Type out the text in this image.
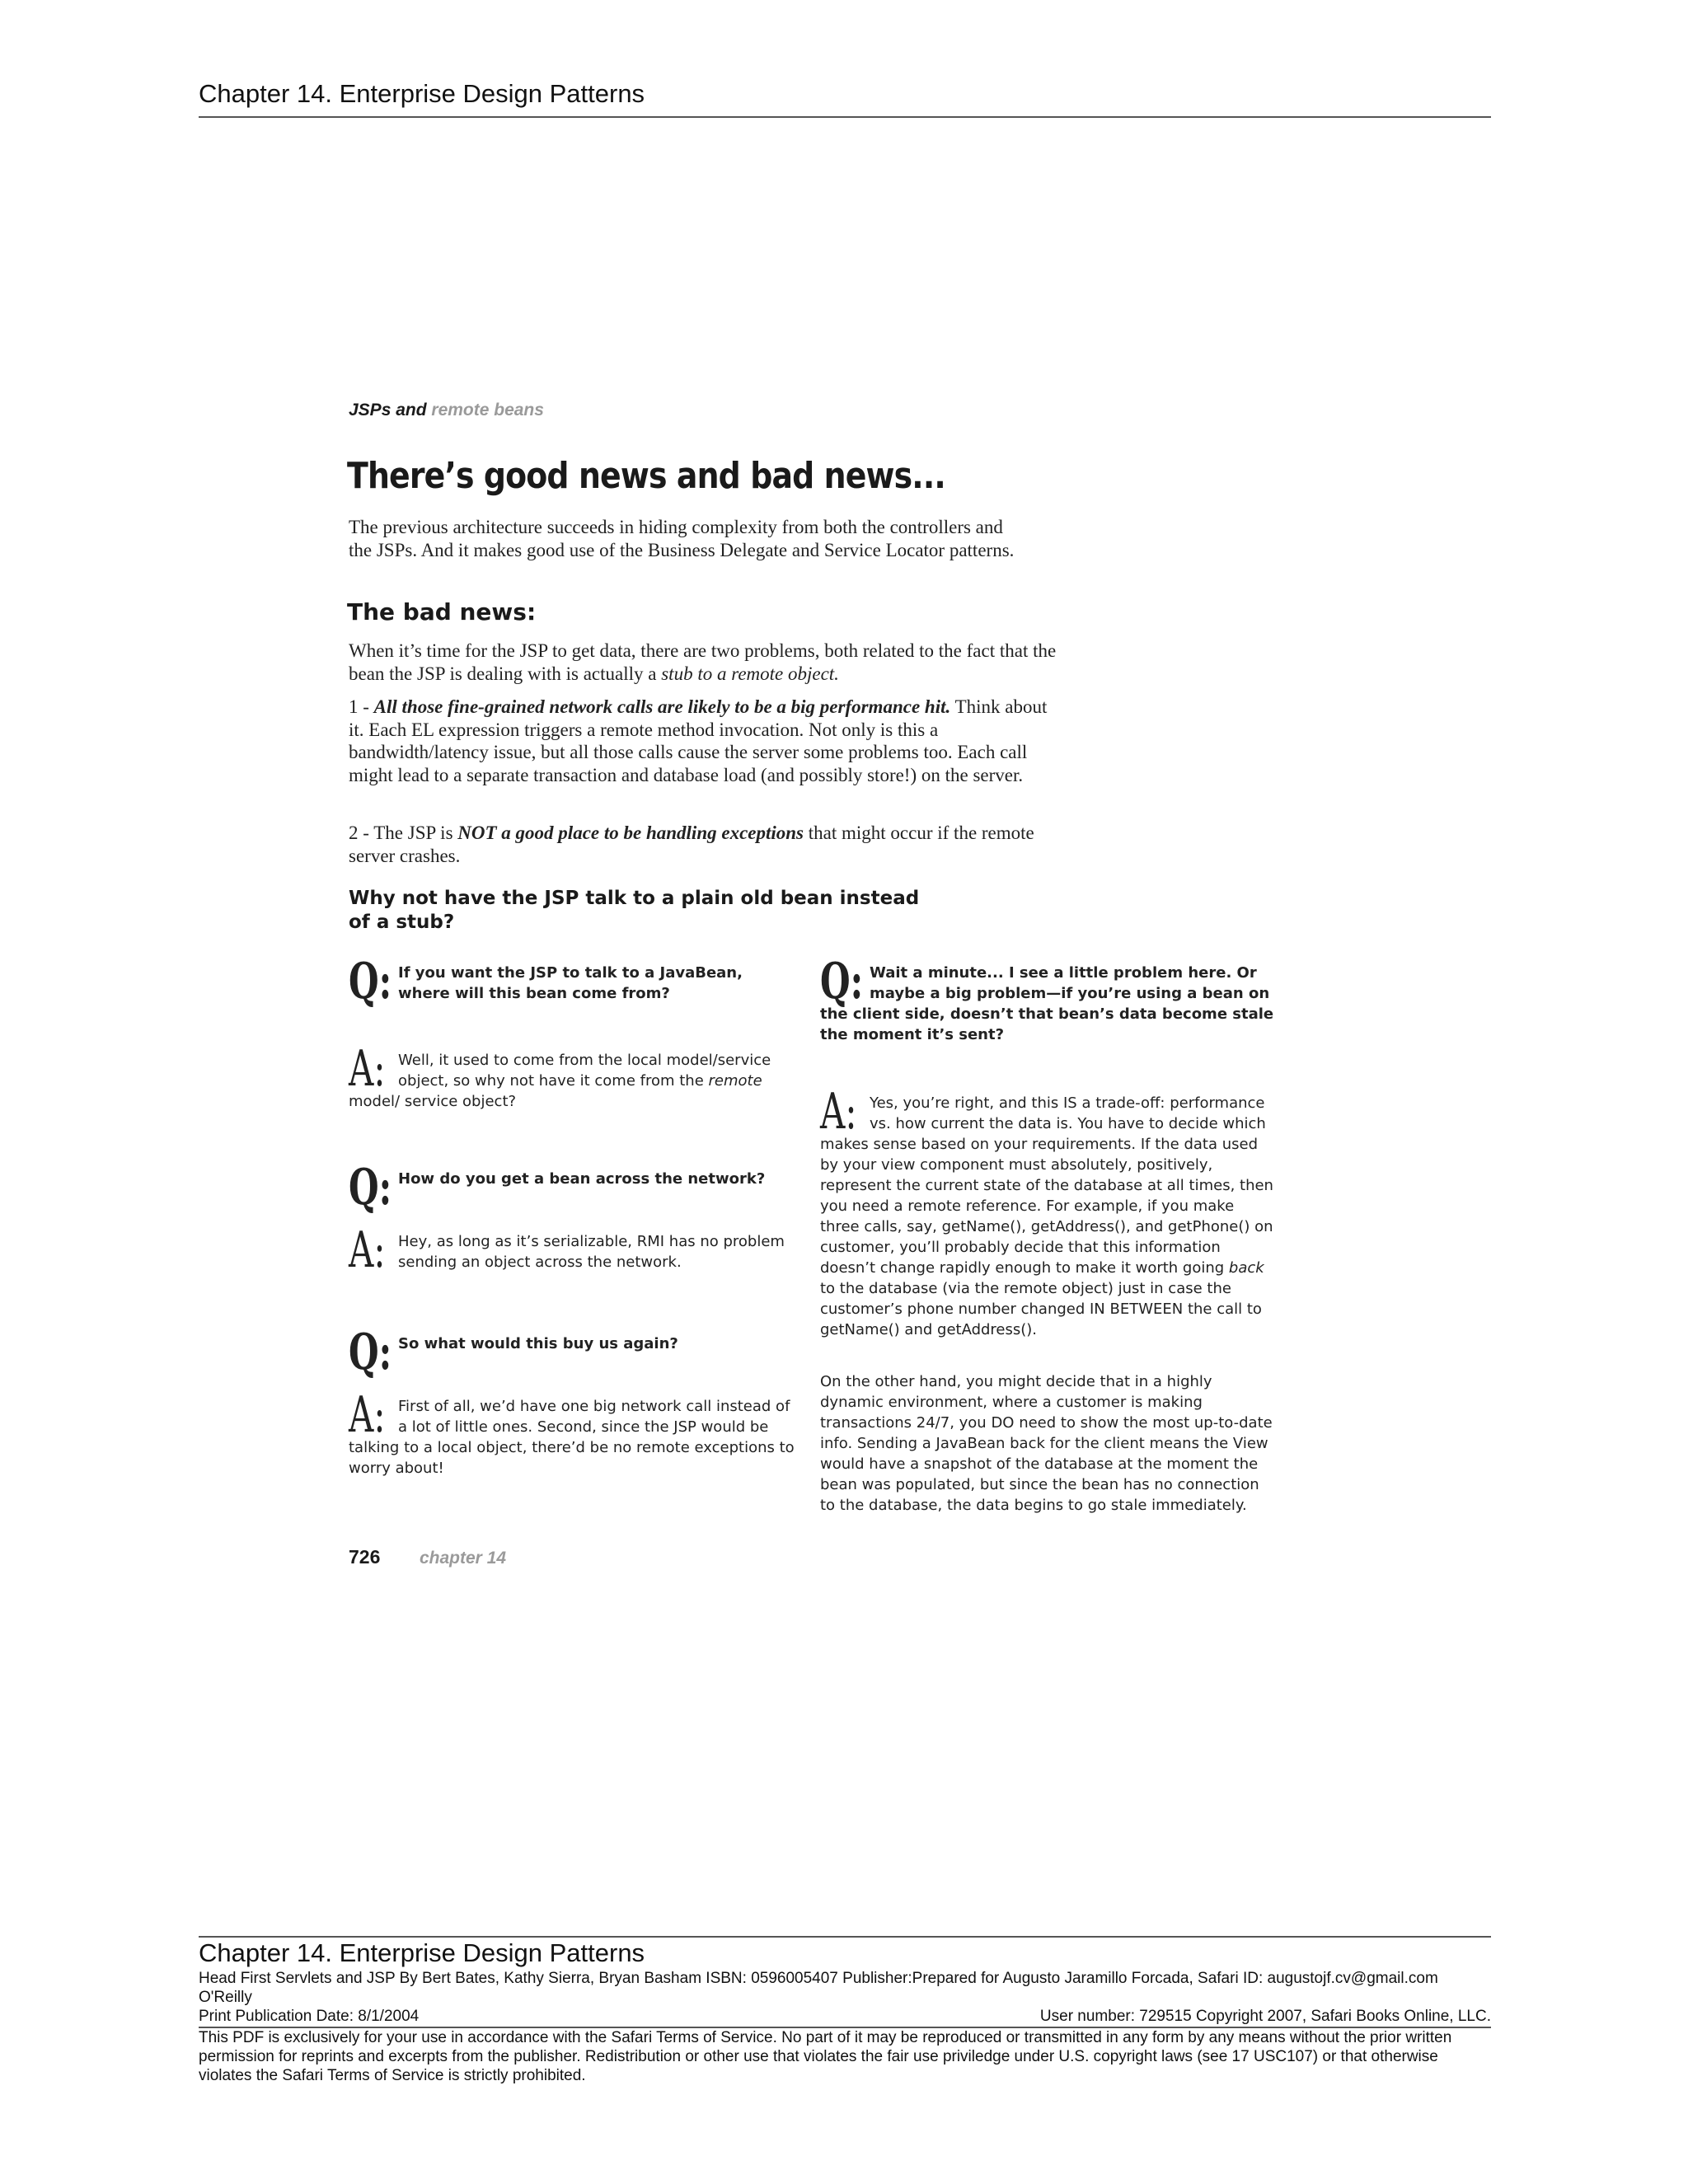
Chapter 14. Enterprise Design Patterns
JSPs and remote beans
There’s good news and bad news...
The previous architecture succeeds in hiding complexity from both the controllers and the JSPs. And it makes good use of the Business Delegate and Service Locator patterns.
The bad news:
When it’s time for the JSP to get data, there are two problems, both related to the fact that the bean the JSP is dealing with is actually a stub to a remote object.
1 - All those fine-grained network calls are likely to be a big performance hit. Think about it. Each EL expression triggers a remote method invocation. Not only is this a bandwidth/latency issue, but all those calls cause the server some problems too. Each call might lead to a separate transaction and database load (and possibly store!) on the server.
2 - The JSP is NOT a good place to be handling exceptions that might occur if the remote server crashes.
Why not have the JSP talk to a plain old bean instead of a stub?
Q: If you want the JSP to talk to a JavaBean, where will this bean come from?
A: Well, it used to come from the local model/service object, so why not have it come from the remote model/ service object?
Q: How do you get a bean across the network?
A: Hey, as long as it’s serializable, RMI has no problem sending an object across the network.
Q: So what would this buy us again?
A: First of all, we’d have one big network call instead of a lot of little ones. Second, since the JSP would be talking to a local object, there’d be no remote exceptions to worry about!
Q: Wait a minute... I see a little problem here. Or maybe a big problem—if you’re using a bean on the client side, doesn’t that bean’s data become stale the moment it’s sent?
A: Yes, you’re right, and this IS a trade-off: performance vs. how current the data is. You have to decide which makes sense based on your requirements. If the data used by your view component must absolutely, positively, represent the current state of the database at all times, then you need a remote reference. For example, if you make three calls, say, getName(), getAddress(), and getPhone() on customer, you’ll probably decide that this information doesn’t change rapidly enough to make it worth going back to the database (via the remote object) just in case the customer’s phone number changed IN BETWEEN the call to getName() and getAddress().
On the other hand, you might decide that in a highly dynamic environment, where a customer is making transactions 24/7, you DO need to show the most up-to-date info. Sending a JavaBean back for the client means the View would have a snapshot of the database at the moment the bean was populated, but since the bean has no connection to the database, the data begins to go stale immediately.
726 chapter 14
Chapter 14. Enterprise Design Patterns
Head First Servlets and JSP By Bert Bates, Kathy Sierra, Bryan Basham ISBN: 0596005407 Publisher:Prepared for Augusto Jaramillo Forcada, Safari ID: augustojf.cv@gmail.com
O'Reilly
Print Publication Date: 8/1/2004	User number: 729515 Copyright 2007, Safari Books Online, LLC.
This PDF is exclusively for your use in accordance with the Safari Terms of Service. No part of it may be reproduced or transmitted in any form by any means without the prior written permission for reprints and excerpts from the publisher. Redistribution or other use that violates the fair use priviledge under U.S. copyright laws (see 17 USC107) or that otherwise violates the Safari Terms of Service is strictly prohibited.
